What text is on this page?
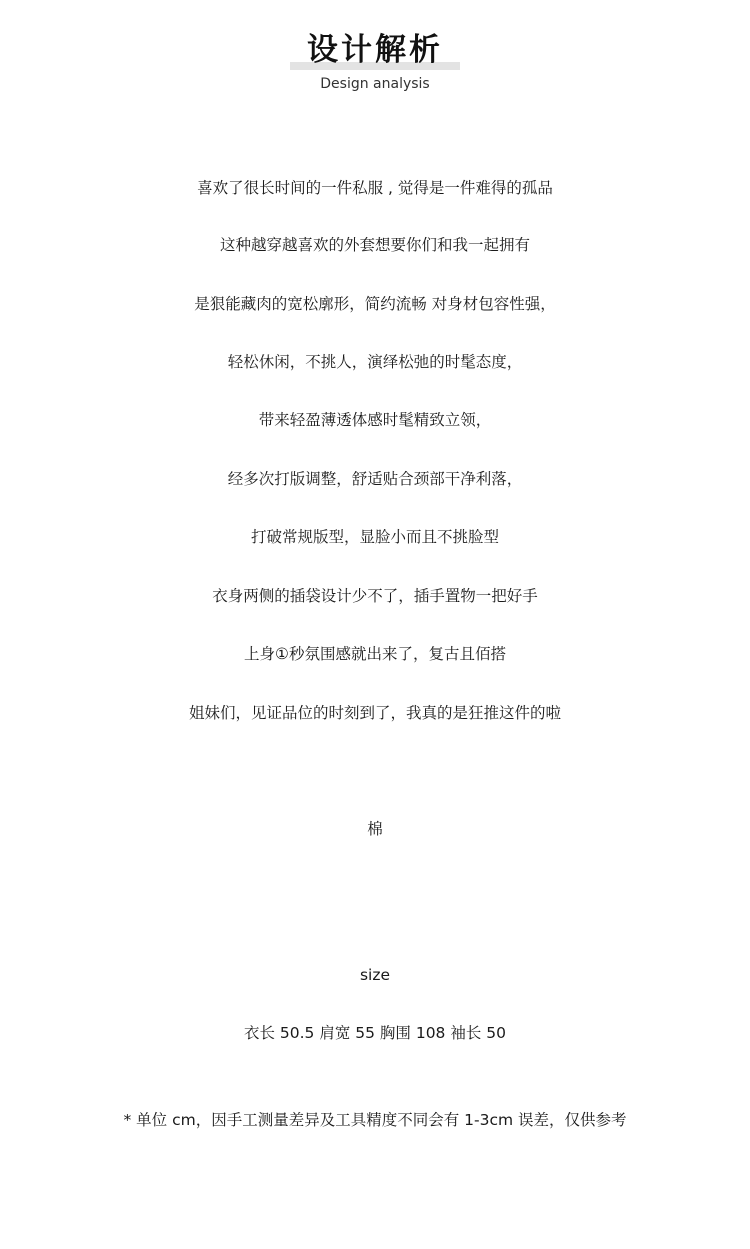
设计解析
Design analysis
喜欢了很长时间的一件私服 , 觉得是一件难得的孤品
这种越穿越喜欢的外套想要你们和我一起拥有
是狠能藏肉的宽松廓形，简约流畅 对身材包容性强，
轻松休闲，不挑人，演绎松弛的时髦态度，
带来轻盈薄透体感时髦精致立领，
经多次打版调整，舒适贴合颈部干净利落，
打破常规版型，显脸小而且不挑脸型
衣身两侧的插袋设计少不了，插手置物一把好手
上身①秒氛围感就出来了，复古且佰搭
姐妹们，见证品位的时刻到了，我真的是狂推这件的啦
棉
size
衣长 50.5 肩宽 55 胸围 108 袖长 50
* 单位 cm，因手工测量差异及工具精度不同会有 1-3cm 误差，仅供参考
